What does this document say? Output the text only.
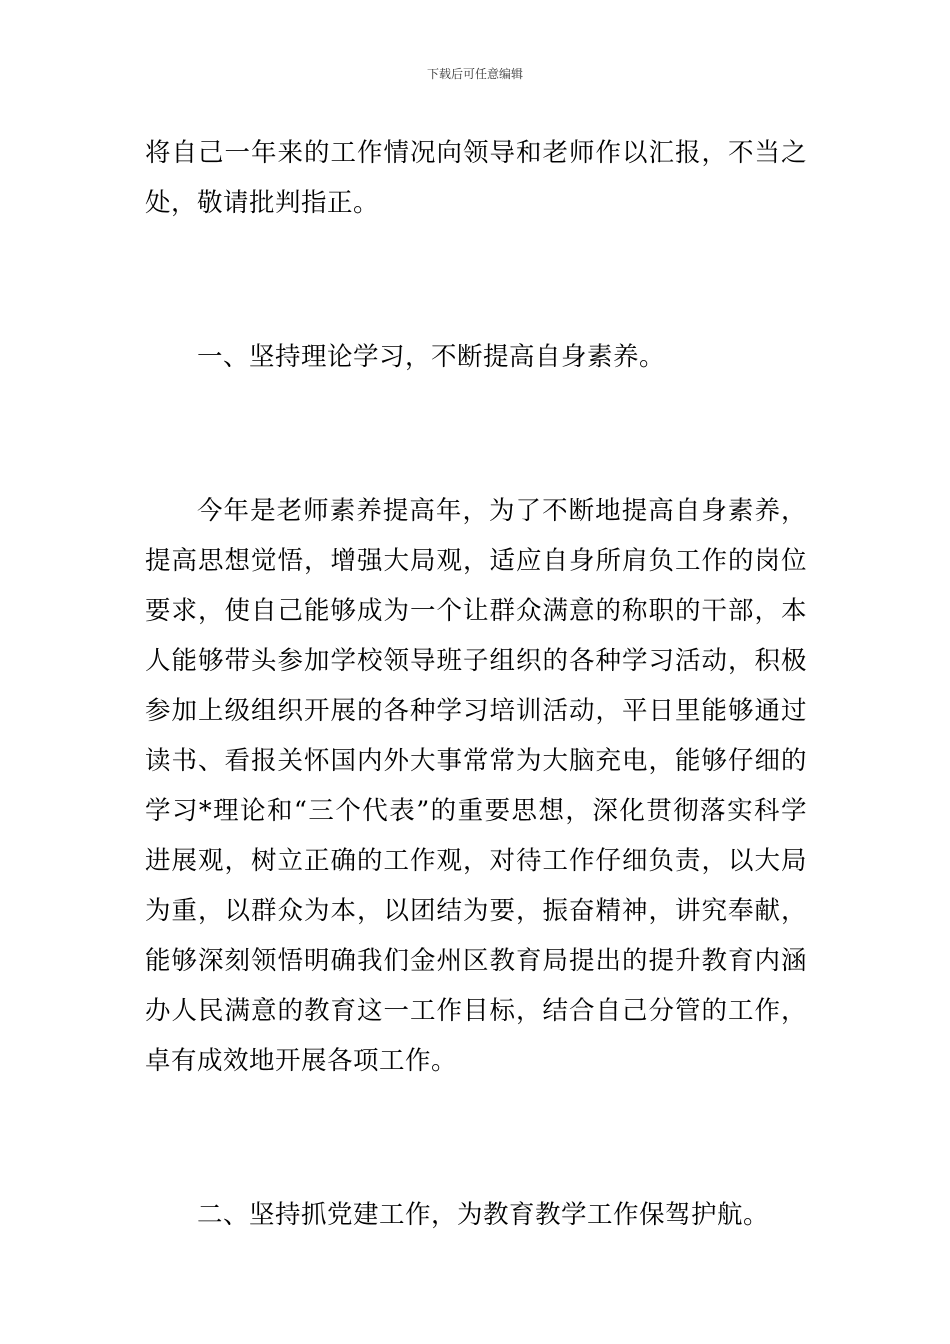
下载后可任意编辑

将自己一年来的工作情况向领导和老师作以汇报，不当之处，敬请批判指正。

一、坚持理论学习，不断提高自身素养。

今年是老师素养提高年，为了不断地提高自身素养，提高思想觉悟，增强大局观，适应自身所肩负工作的岗位要求，使自己能够成为一个让群众满意的称职的干部，本人能够带头参加学校领导班子组织的各种学习活动，积极参加上级组织开展的各种学习培训活动，平日里能够通过读书、看报关怀国内外大事常常为大脑充电，能够仔细的学习*理论和“三个代表”的重要思想，深化贯彻落实科学进展观，树立正确的工作观，对待工作仔细负责，以大局为重，以群众为本，以团结为要，振奋精神，讲究奉献，能够深刻领悟明确我们金州区教育局提出的提升教育内涵办人民满意的教育这一工作目标，结合自己分管的工作，卓有成效地开展各项工作。

二、坚持抓党建工作，为教育教学工作保驾护航。
